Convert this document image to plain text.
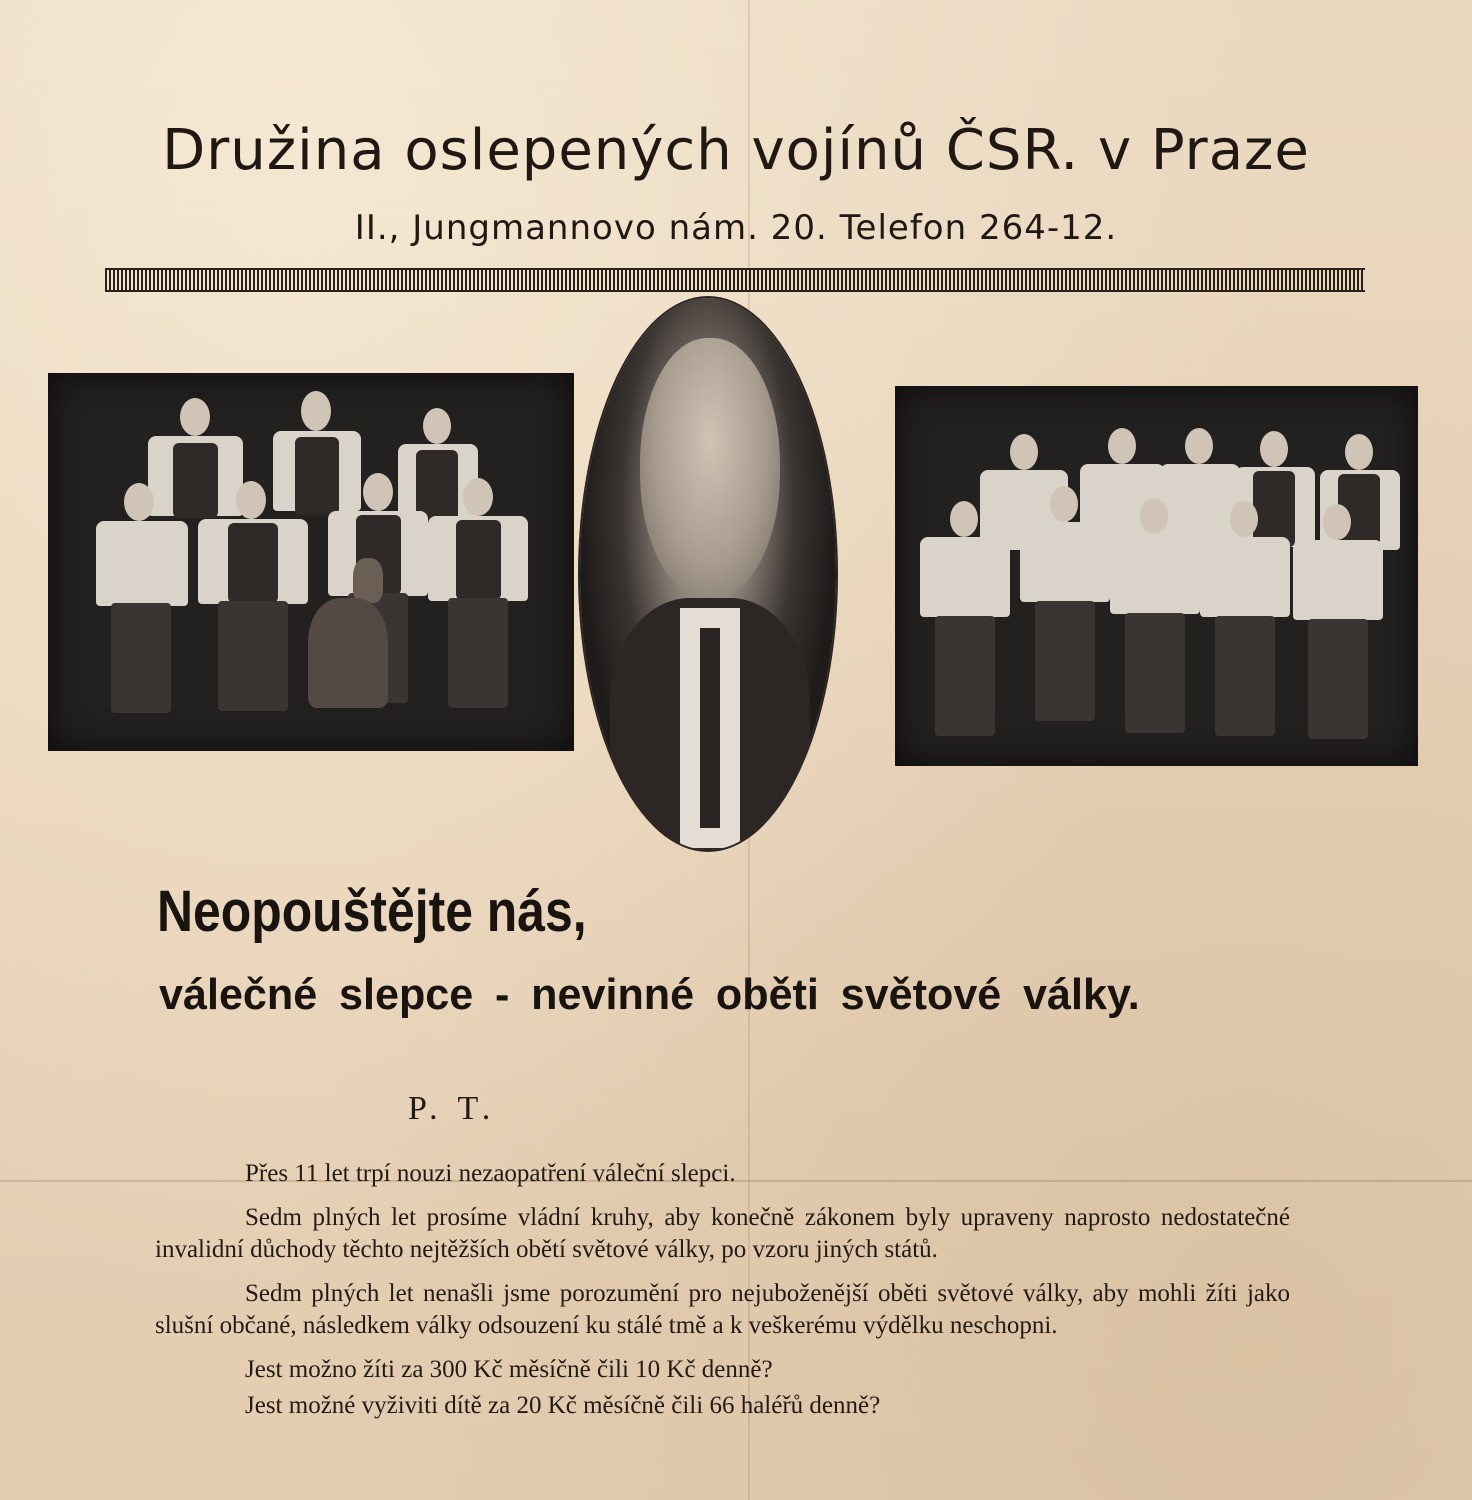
Družina oslepených vojínů ČSR. v Praze
II., Jungmannovo nám. 20. Telefon 264-12.
Neopouštějte nás,
válečné slepce - nevinné oběti světové války.
P. T.

Přes 11 let trpí nouzi nezaopatření váleční slepci.

Sedm plných let prosíme vládní kruhy, aby konečně zákonem byly upraveny naprosto nedostatečné invalidní důchody těchto nejtěžších obětí světové války, po vzoru jiných států.

Sedm plných let nenašli jsme porozumění pro nejuboženější oběti světové války, aby mohli žíti jako slušní občané, následkem války odsouzení ku stálé tmě a k veškerému výdělku neschopni.

Jest možno žíti za 300 Kč měsíčně čili 10 Kč denně?

Jest možné vyživiti dítě za 20 Kč měsíčně čili 66 haléřů denně?
